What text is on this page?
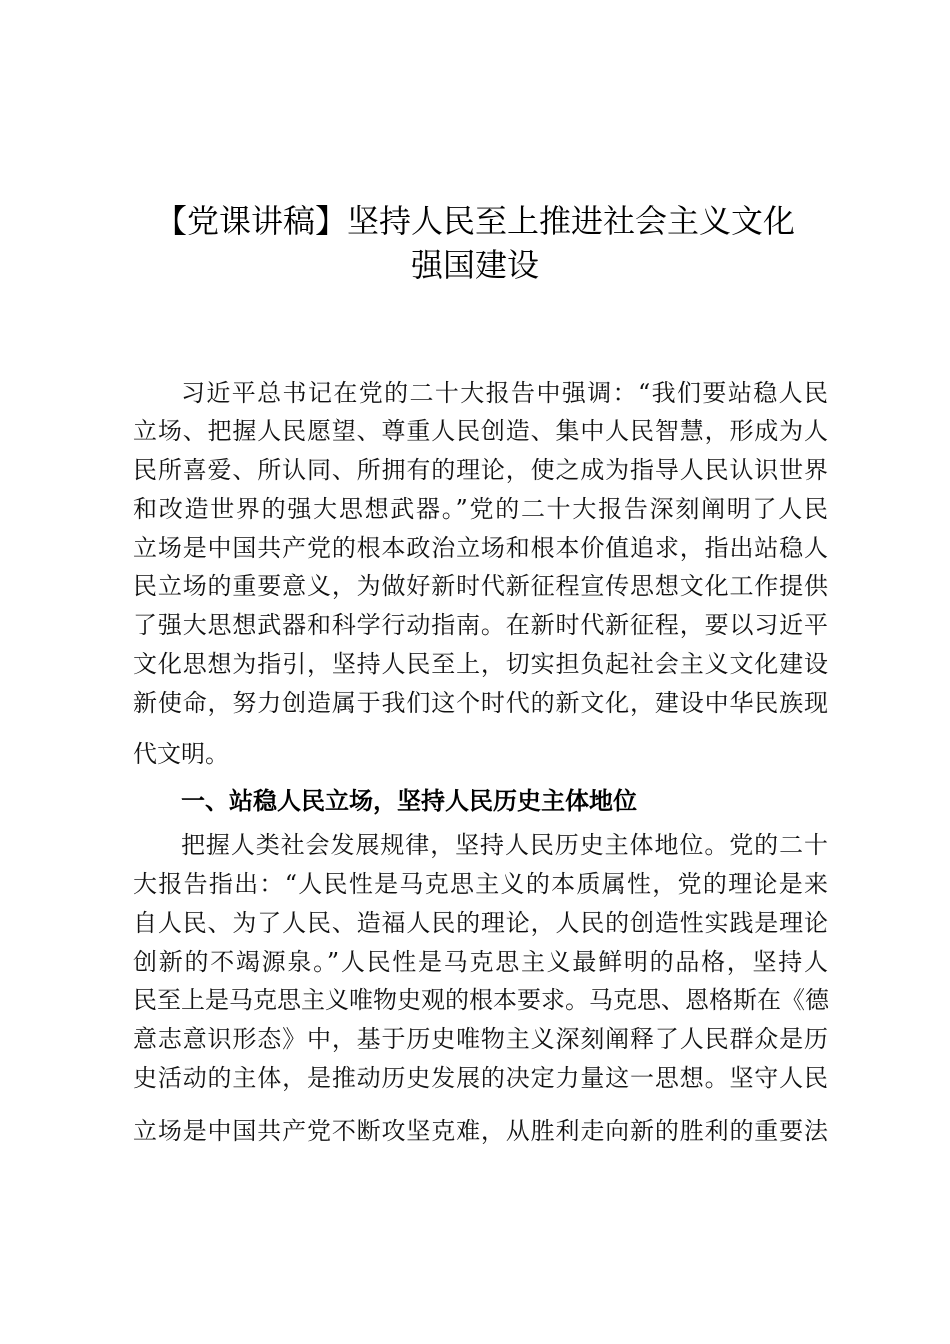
【党课讲稿】坚持人民至上推进社会主义文化
强国建设
习近平总书记在党的二十大报告中强调：“我们要站稳人民
立场、把握人民愿望、尊重人民创造、集中人民智慧，形成为人
民所喜爱、所认同、所拥有的理论，使之成为指导人民认识世界
和改造世界的强大思想武器。”党的二十大报告深刻阐明了人民
立场是中国共产党的根本政治立场和根本价值追求，指出站稳人
民立场的重要意义，为做好新时代新征程宣传思想文化工作提供
了强大思想武器和科学行动指南。在新时代新征程，要以习近平
文化思想为指引，坚持人民至上，切实担负起社会主义文化建设
新使命，努力创造属于我们这个时代的新文化，建设中华民族现
代文明。
一、站稳人民立场，坚持人民历史主体地位
把握人类社会发展规律，坚持人民历史主体地位。党的二十
大报告指出：“人民性是马克思主义的本质属性，党的理论是来
自人民、为了人民、造福人民的理论，人民的创造性实践是理论
创新的不竭源泉。”人民性是马克思主义最鲜明的品格，坚持人
民至上是马克思主义唯物史观的根本要求。马克思、恩格斯在《德
意志意识形态》中，基于历史唯物主义深刻阐释了人民群众是历
史活动的主体，是推动历史发展的决定力量这一思想。坚守人民
立场是中国共产党不断攻坚克难，从胜利走向新的胜利的重要法
